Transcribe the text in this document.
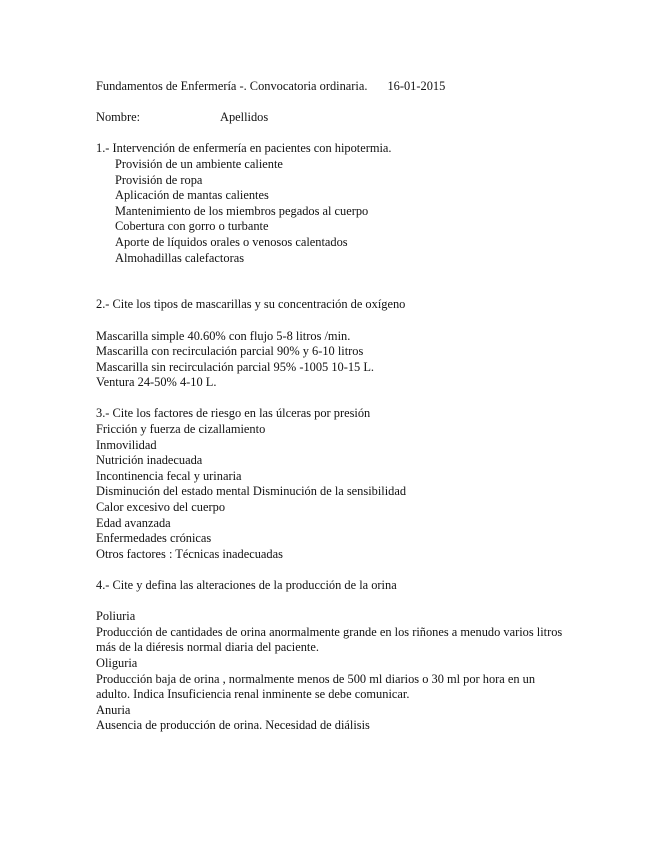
Fundamentos de Enfermería -. Convocatoria ordinaria. 16-01-2015
Nombre:	Apellidos
1.- Intervención de enfermería en pacientes con hipotermia.
Provisión de un ambiente caliente
Provisión de ropa
Aplicación de mantas calientes
Mantenimiento de los miembros pegados al cuerpo
Cobertura con gorro o turbante
Aporte de líquidos orales o venosos calentados
Almohadillas calefactoras
2.- Cite los tipos de mascarillas y su concentración de oxígeno
Mascarilla simple 40.60% con flujo 5-8 litros /min.
Mascarilla con recirculación parcial 90% y 6-10 litros
Mascarilla sin recirculación parcial 95% -1005 10-15 L.
Ventura 24-50% 4-10 L.
3.- Cite los factores de riesgo en las úlceras por presión
Fricción y fuerza de cizallamiento
Inmovilidad
Nutrición inadecuada
Incontinencia fecal y urinaria
Disminución del estado mental Disminución de la sensibilidad
Calor excesivo del cuerpo
Edad avanzada
Enfermedades crónicas
Otros factores : Técnicas inadecuadas
4.- Cite y defina las alteraciones de la producción de la orina
Poliuria
Producción de cantidades de orina anormalmente grande en los riñones a menudo varios litros más de la diéresis normal diaria del paciente.
Oliguria
Producción baja de orina , normalmente menos de 500 ml diarios o 30 ml por hora en un adulto. Indica Insuficiencia renal inminente se debe comunicar.
Anuria
Ausencia de producción de orina. Necesidad de diálisis
